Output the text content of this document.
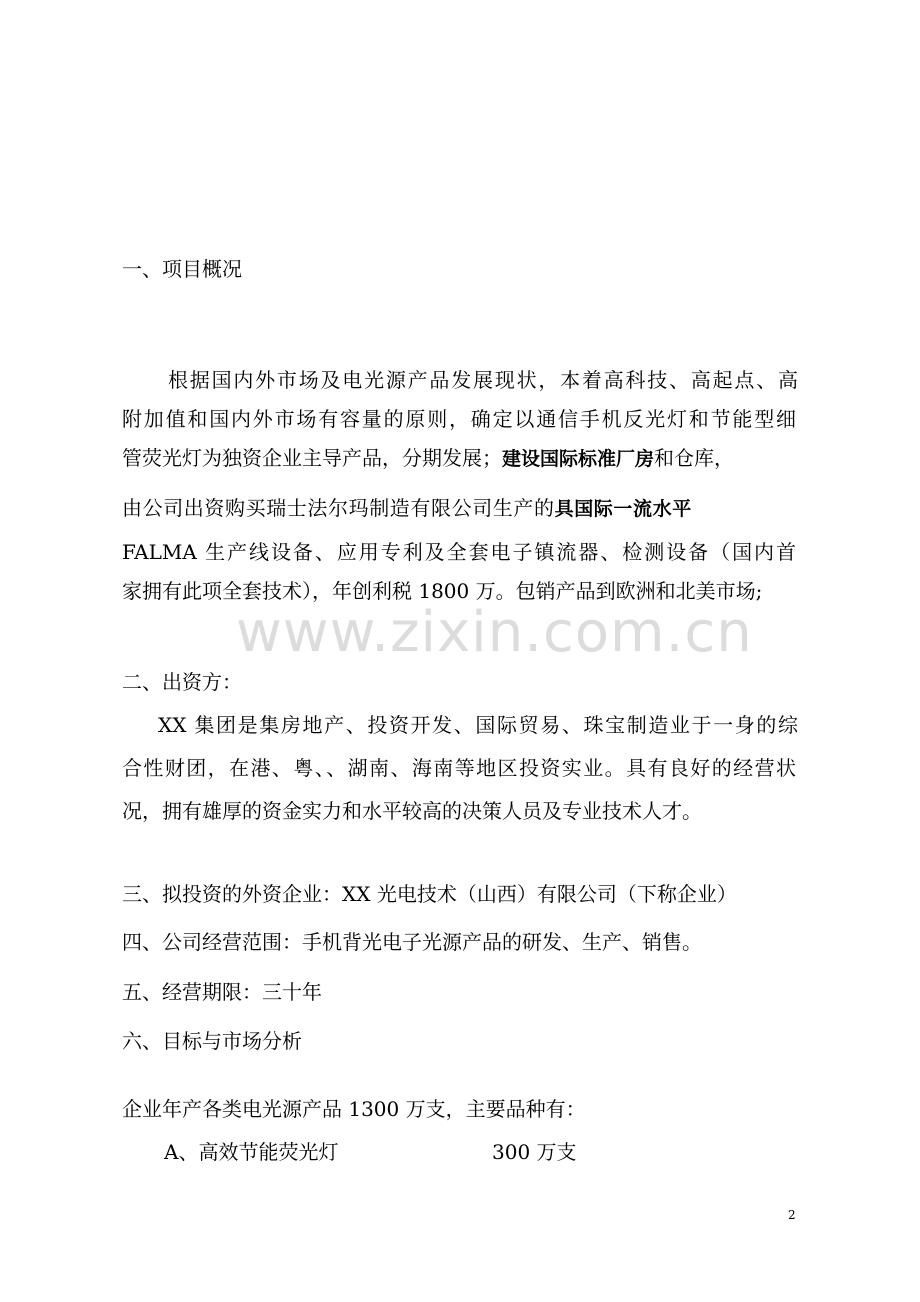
一、项目概况
根据国内外市场及电光源产品发展现状，本着高科技、高起点、高
附加值和国内外市场有容量的原则，确定以通信手机反光灯和节能型细
管荧光灯为独资企业主导产品，分期发展；建设国际标准厂房和仓库，
由公司出资购买瑞士法尔玛制造有限公司生产的具国际一流水平
FALMA 生产线设备、应用专利及全套电子镇流器、检测设备（国内首
家拥有此项全套技术），年创利税 1800 万。包销产品到欧洲和北美市场;
www.zixin.com.cn
二、出资方：
XX 集团是集房地产、投资开发、国际贸易、珠宝制造业于一身的综
合性财团，在港、粤、、湖南、海南等地区投资实业。具有良好的经营状
况，拥有雄厚的资金实力和水平较高的决策人员及专业技术人才。
三、拟投资的外资企业：XX 光电技术（山西）有限公司（下称企业）
四、公司经营范围：手机背光电子光源产品的研发、生产、销售。
五、经营期限：三十年
六、目标与市场分析
企业年产各类电光源产品 1300 万支，主要品种有：
A、高效节能荧光灯	300 万支
2
